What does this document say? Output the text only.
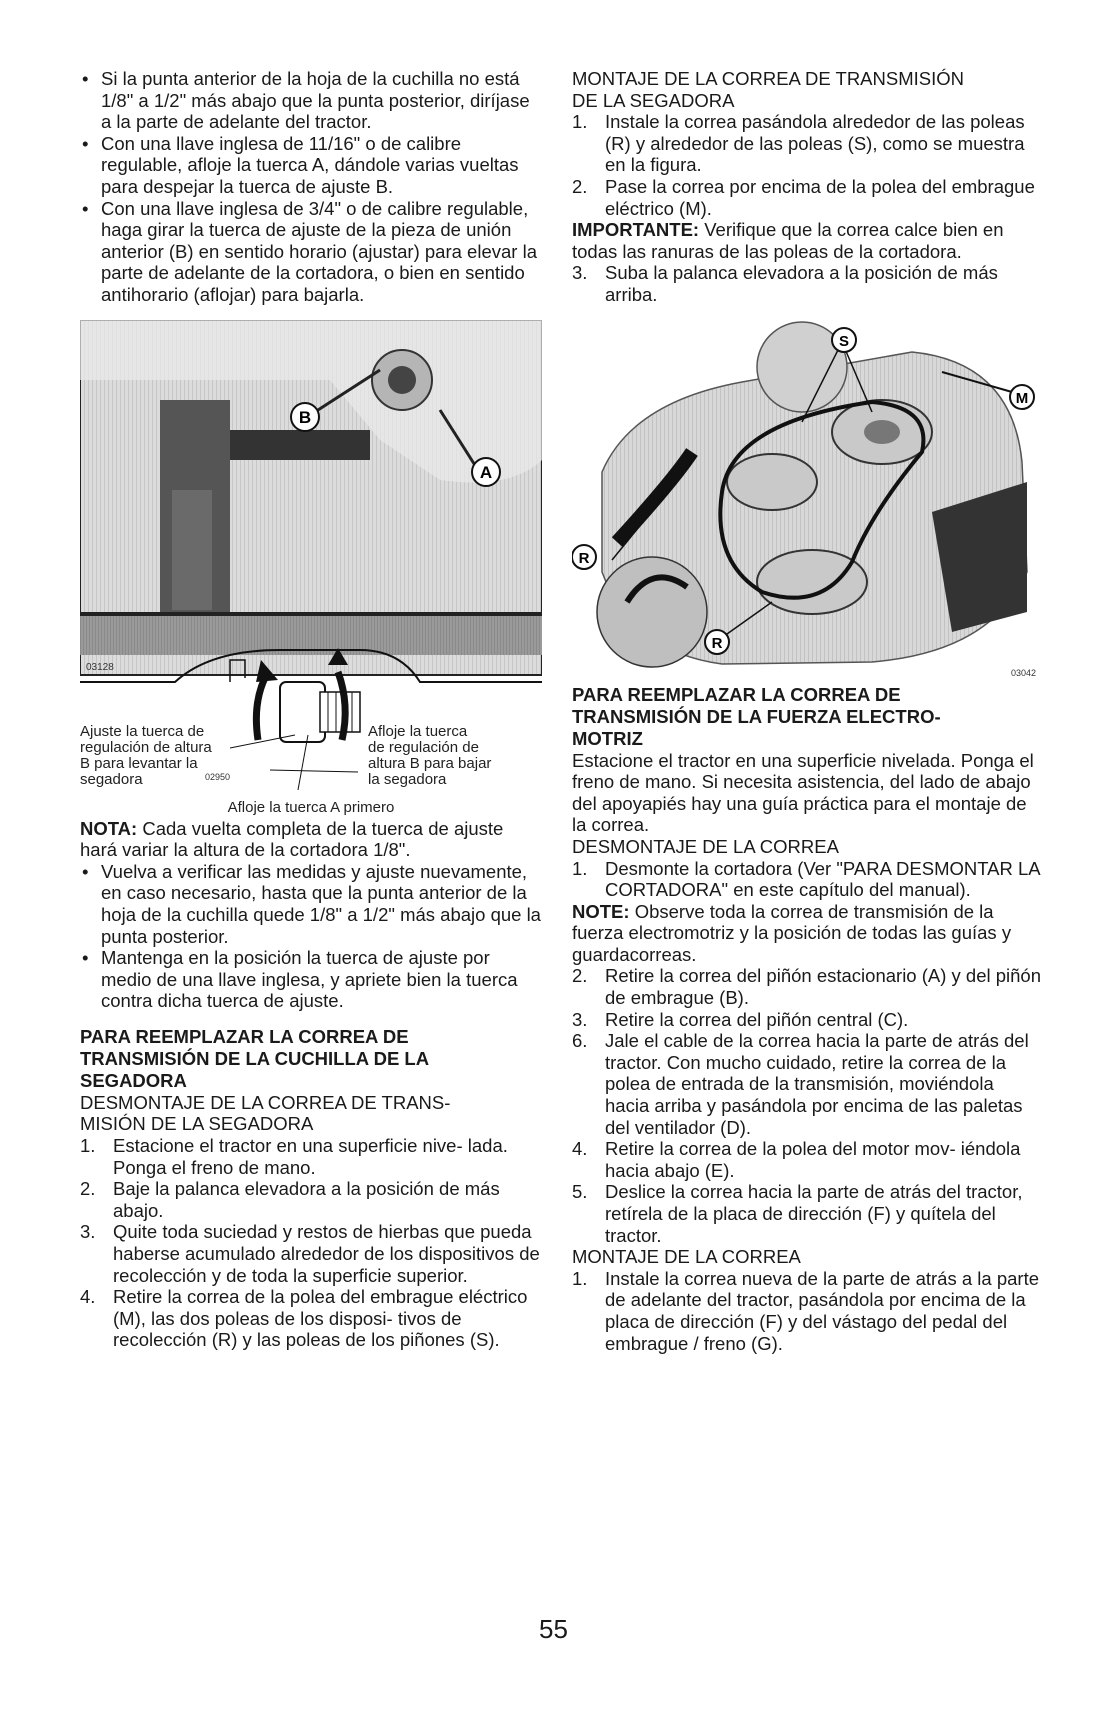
• Si la punta anterior de la hoja de la cuchilla no está 1/8" a 1/2" más abajo que la punta posterior, diríjase a la parte de adelante del tractor.
• Con una llave inglesa de 11/16" o de calibre regulable, afloje la tuerca A, dándole varias vueltas para despejar la tuerca de ajuste B.
• Con una llave inglesa de 3/4" o de calibre regulable, haga girar la tuerca de ajuste de la pieza de unión anterior (B) en sentido horario (ajustar) para elevar la parte de adelante de la cortadora, o bien en sentido antihorario (aflojar) para bajarla.
B
A
03128
02950
Ajuste la tuerca de
regulación de altura
B para levantar la
segadora
Afloje la tuerca
de regulación de
altura B para bajar
la segadora
Afloje la tuerca A primero
NOTA: Cada vuelta completa de la tuerca de ajuste hará variar la altura de la cortadora 1/8".
• Vuelva a verificar las medidas y ajuste nuevamente, en caso necesario, hasta que la punta anterior de la hoja de la cuchilla quede 1/8" a 1/2" más abajo que la punta posterior.
• Mantenga en la posición la tuerca de ajuste por medio de una llave inglesa, y apriete bien la tuerca contra dicha tuerca de ajuste.
PARA REEMPLAZAR LA CORREA DE
TRANSMISIÓN DE LA CUCHILLA DE LA
SEGADORA
DESMONTAJE DE LA CORREA DE TRANS-
MISIÓN DE LA SEGADORA
1. Estacione el tractor en una superficie nive- lada. Ponga el freno de mano.
2. Baje la palanca elevadora a la posición de más abajo.
3. Quite toda suciedad y restos de hierbas que pueda haberse acumulado alrededor de los dispositivos de recolección y de toda la superficie superior.
4. Retire la correa de la polea del embrague eléctrico (M), las dos poleas de los disposi- tivos de recolección (R) y las poleas de los piñones (S).
MONTAJE DE LA CORREA DE TRANSMISIÓN
DE LA SEGADORA
1. Instale la correa pasándola alrededor de las poleas (R) y alrededor de las poleas (S), como se muestra en la figura.
2. Pase la correa por encima de la polea del embrague eléctrico (M).
IMPORTANTE: Verifique que la correa calce bien en todas las ranuras de las poleas de la cortadora.
3. Suba la palanca elevadora a la posición de más arriba.
S
M
R
R
03042
PARA REEMPLAZAR LA CORREA DE
TRANSMISIÓN DE LA FUERZA ELECTRO-
MOTRIZ
Estacione el tractor en una superficie nivelada. Ponga el freno de mano. Si necesita asistencia, del lado de abajo del apoyapiés hay una guía práctica para el montaje de la correa.
DESMONTAJE DE LA CORREA
1. Desmonte la cortadora (Ver "PARA DESMONTAR LA CORTADORA" en este capítulo del manual).
NOTE: Observe toda la correa de transmisión de la fuerza electromotriz y la posición de todas las guías y guardacorreas.
2. Retire la correa del piñón estacionario (A) y del piñón de embrague (B).
3. Retire la correa del piñón central (C).
6. Jale el cable de la correa hacia la parte de atrás del tractor. Con mucho cuidado, retire la correa de la polea de entrada de la transmisión, moviéndola hacia arriba y pasándola por encima de las paletas del ventilador (D).
4. Retire la correa de la polea del motor mov- iéndola hacia abajo (E).
5. Deslice la correa hacia la parte de atrás del tractor, retírela de la placa de dirección (F) y quítela del tractor.
MONTAJE DE LA CORREA
1. Instale la correa nueva de la parte de atrás a la parte de adelante del tractor, pasándola por encima de la placa de dirección (F) y del vástago del pedal del embrague / freno (G).
55
